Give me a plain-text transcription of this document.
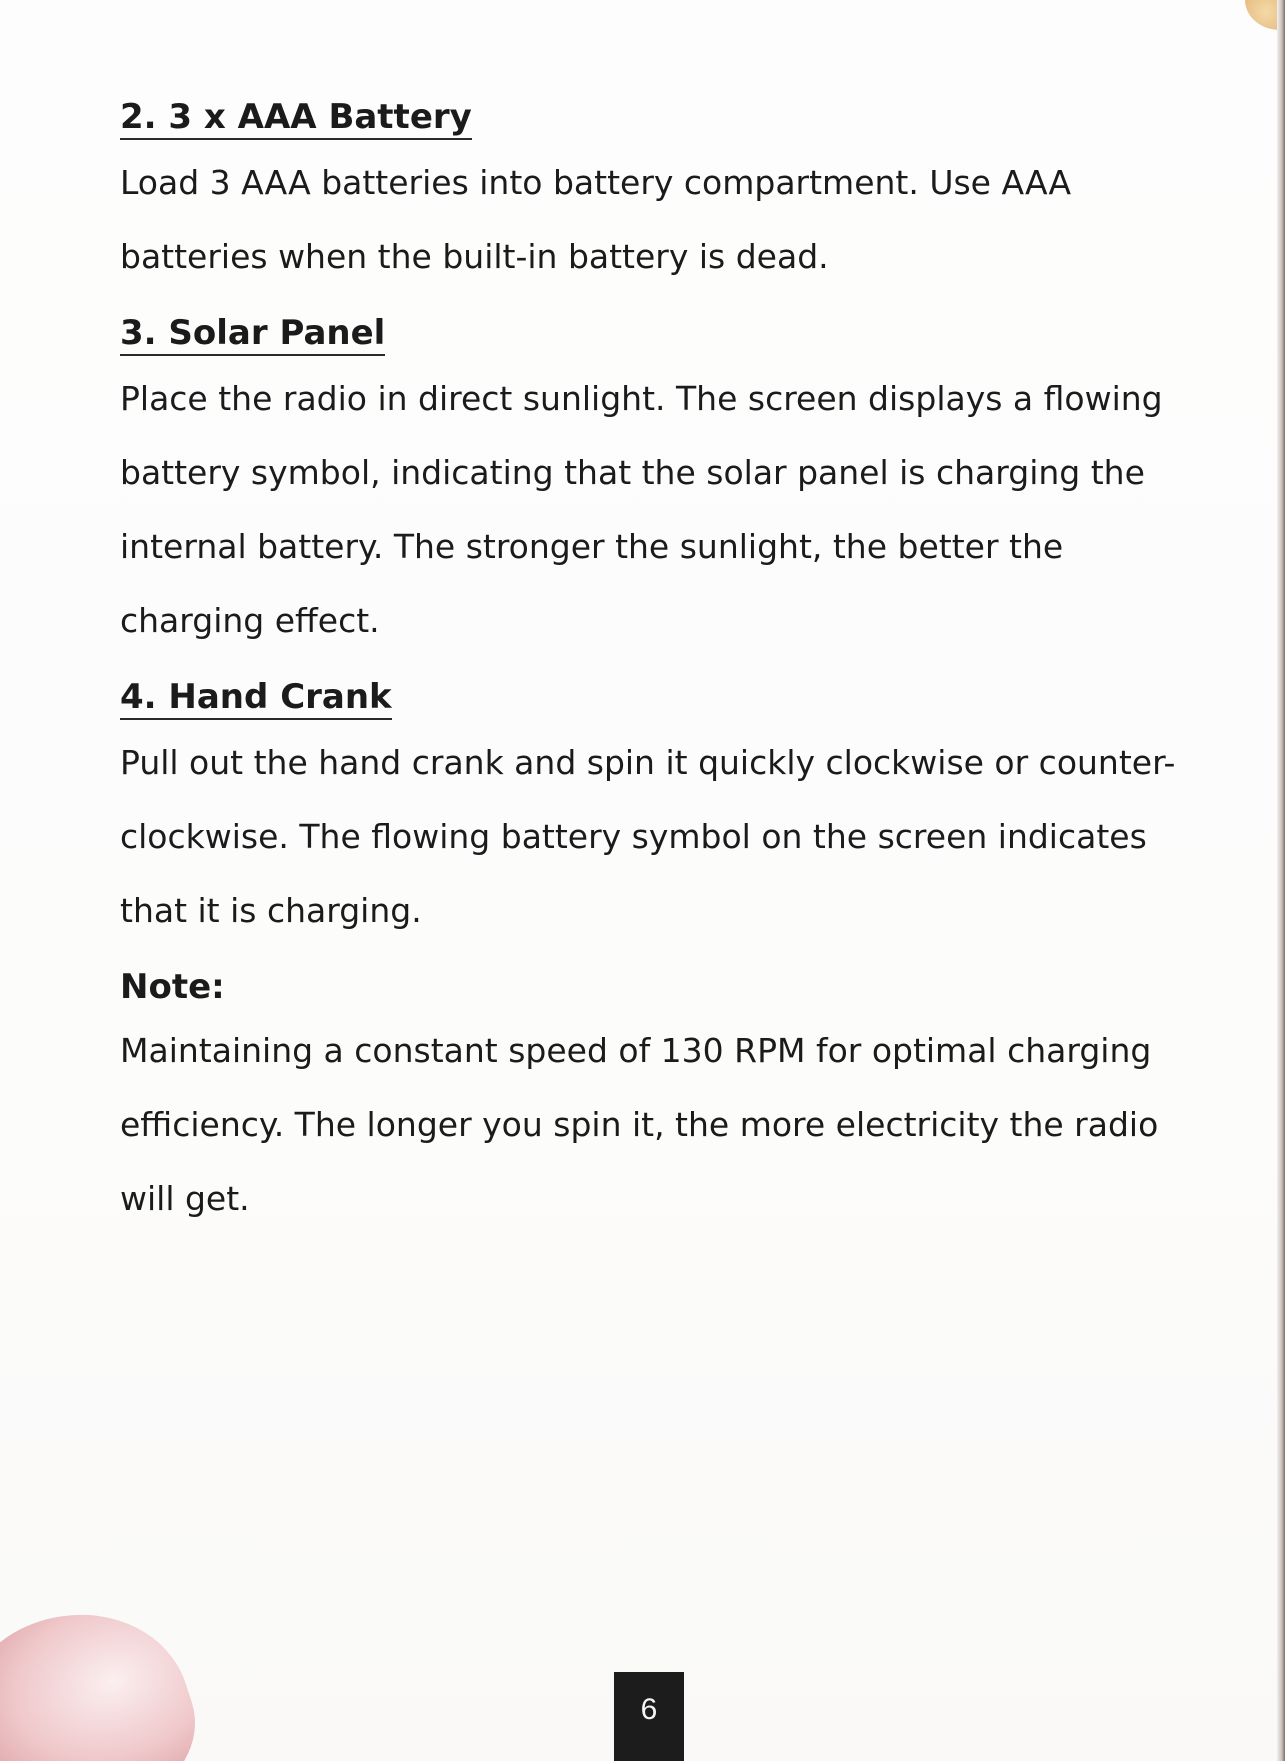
2. 3 x AAA Battery

Load 3 AAA batteries into battery compartment. Use AAA batteries when the built-in battery is dead.

3. Solar Panel

Place the radio in direct sunlight. The screen displays a flowing battery symbol, indicating that the solar panel is charging the internal battery. The stronger the sunlight, the better the charging effect.

4. Hand Crank

Pull out the hand crank and spin it quickly clockwise or counter-clockwise. The flowing battery symbol on the screen indicates that it is charging.

Note:

Maintaining a constant speed of 130 RPM for optimal charging efficiency. The longer you spin it, the more electricity the radio will get.

6
